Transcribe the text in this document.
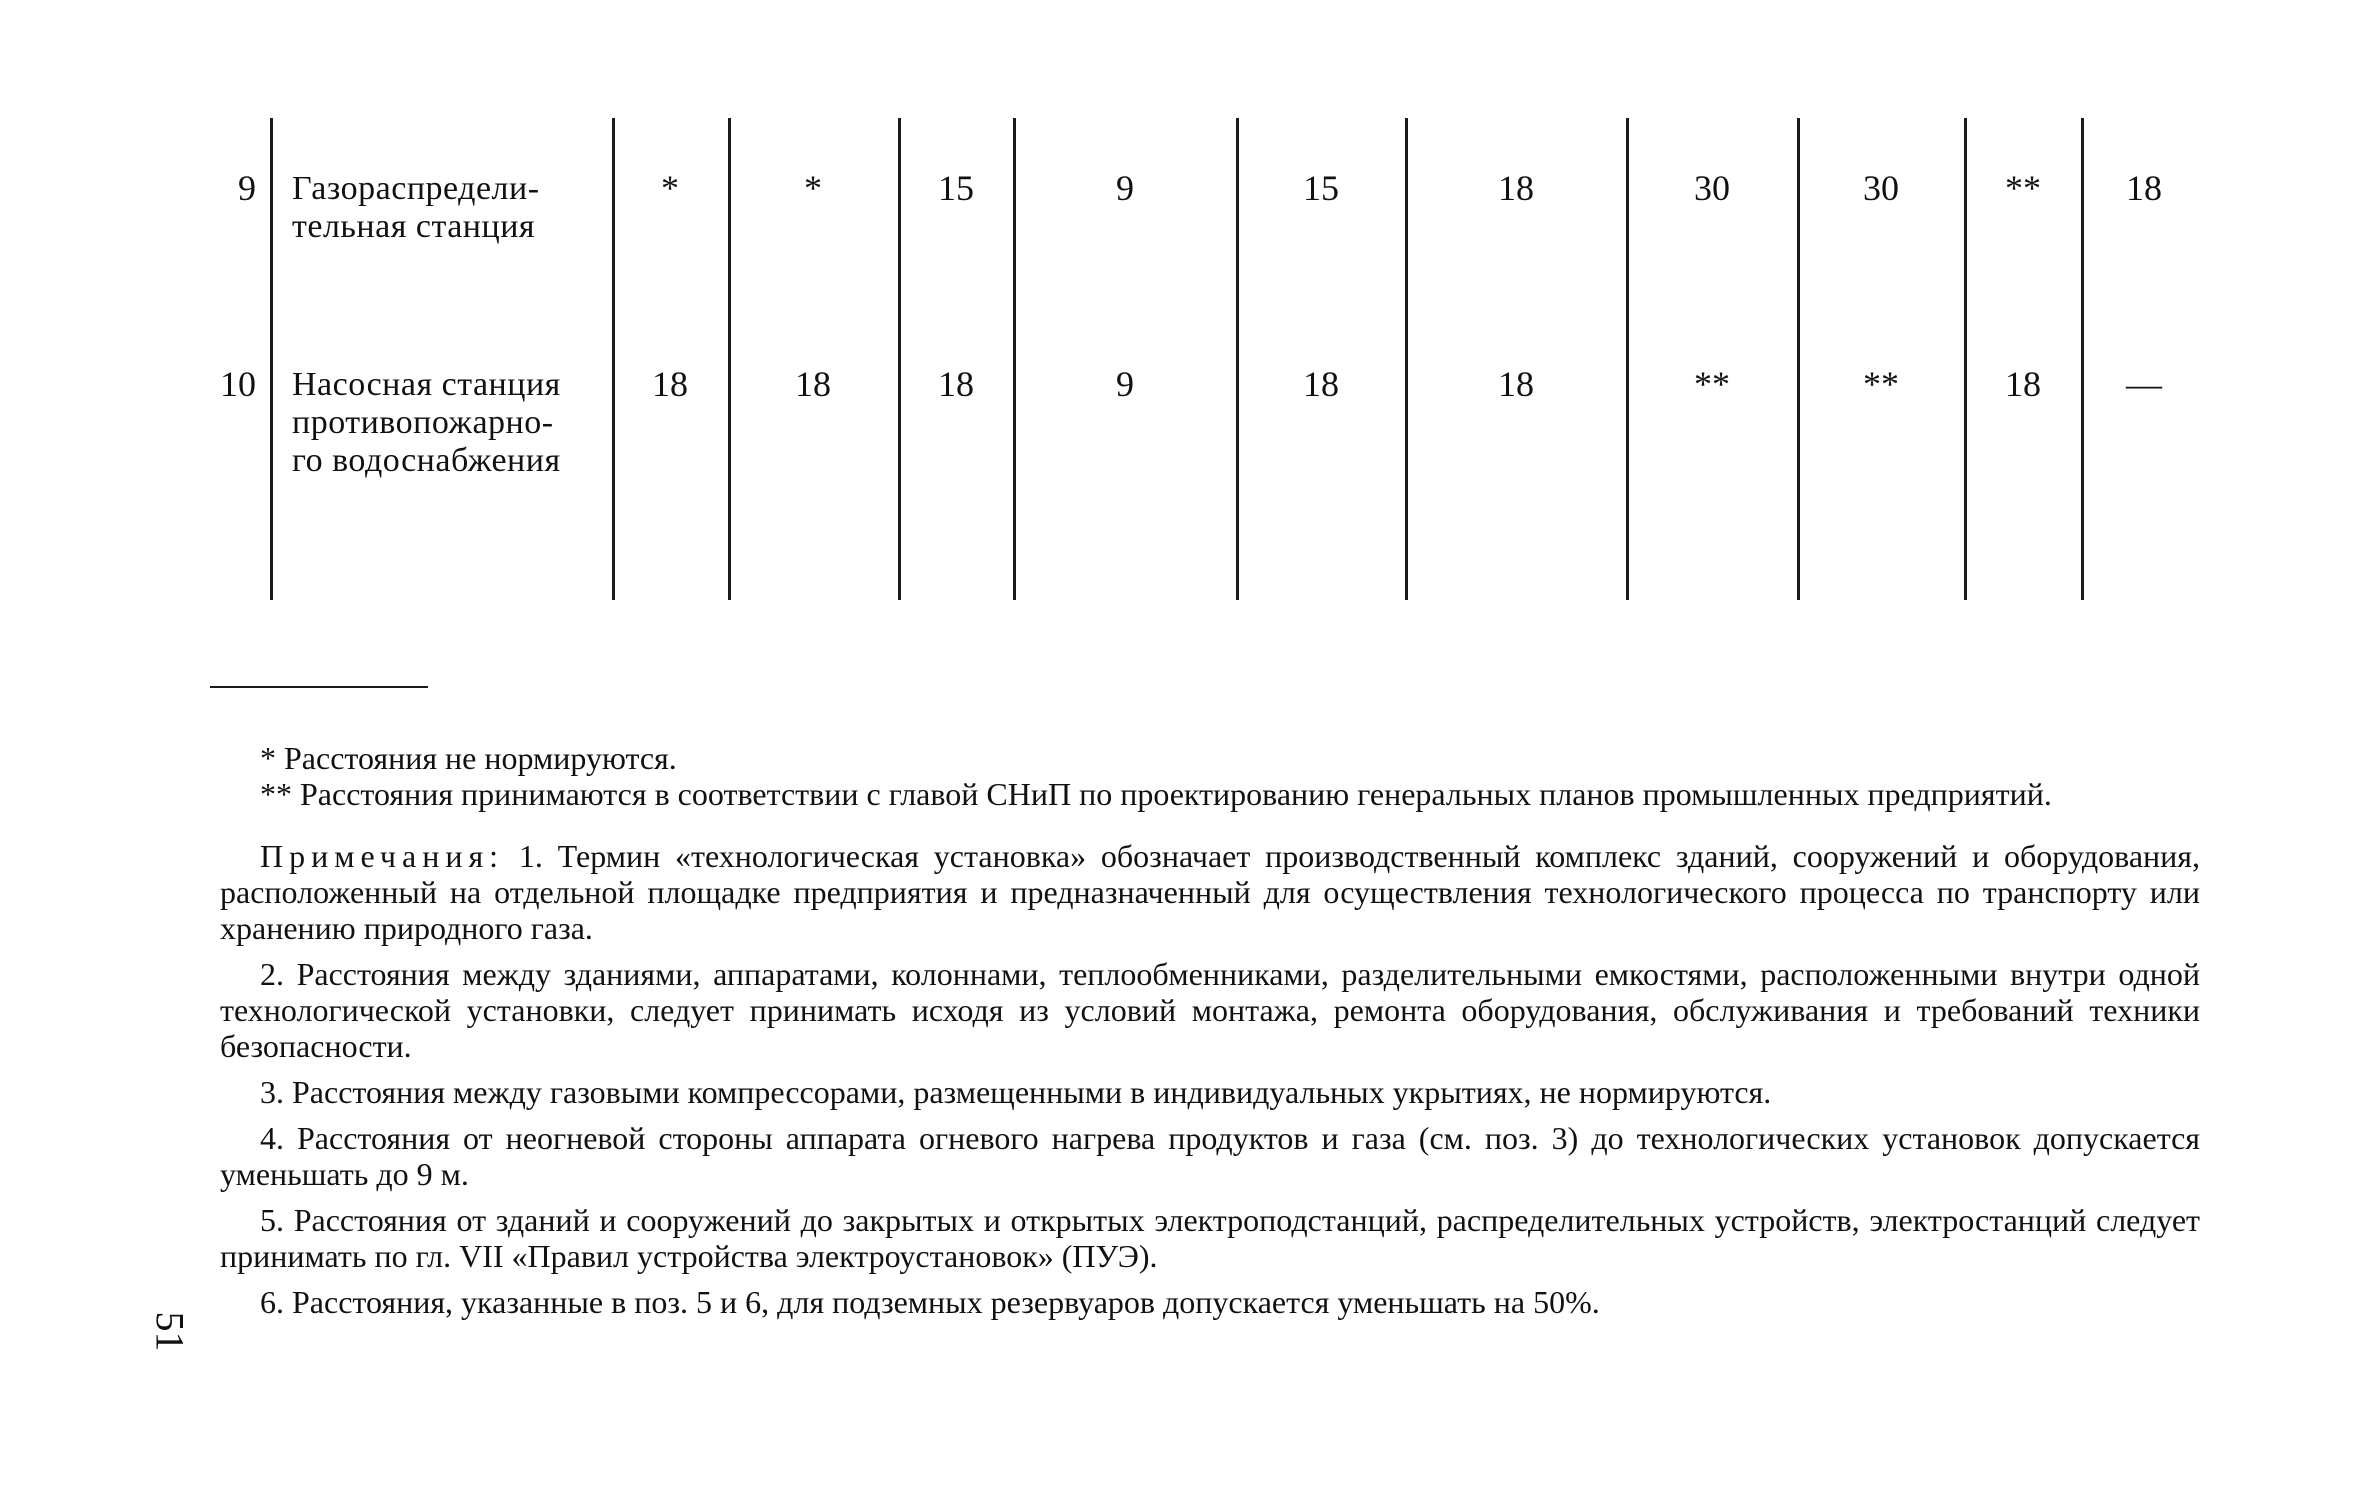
9 Газораспредели-
тельная станция
*	*	15	9	15	18	30	30	**	18
10 Насосная станция
противопожарно-
го водоснабжения
18	18	18	9	18	18	**	**	18	—

* Расстояния не нормируются.

** Расстояния принимаются в соответствии с главой СНиП по проектированию генеральных планов промышленных предприятий.

Примечания: 1. Термин «технологическая установка» обозначает производственный комплекс зданий, сооружений и оборудования, расположенный на отдельной площадке предприятия и предназначенный для осуществления технологического процесса по транспорту или хранению природного газа.

2. Расстояния между зданиями, аппаратами, колоннами, теплообменниками, разделительными емкостями, расположенными внутри одной технологической установки, следует принимать исходя из условий монтажа, ремонта оборудования, обслуживания и требований техники безопасности.

3. Расстояния между газовыми компрессорами, размещенными в индивидуальных укрытиях, не нормируются.

4. Расстояния от неогневой стороны аппарата огневого нагрева продуктов и газа (см. поз. 3) до технологических установок допускается уменьшать до 9 м.

5. Расстояния от зданий и сооружений до закрытых и открытых электроподстанций, распределительных устройств, электростанций следует принимать по гл. VII «Правил устройства электроустановок» (ПУЭ).

6. Расстояния, указанные в поз. 5 и 6, для подземных резервуаров допускается уменьшать на 50%.

51
